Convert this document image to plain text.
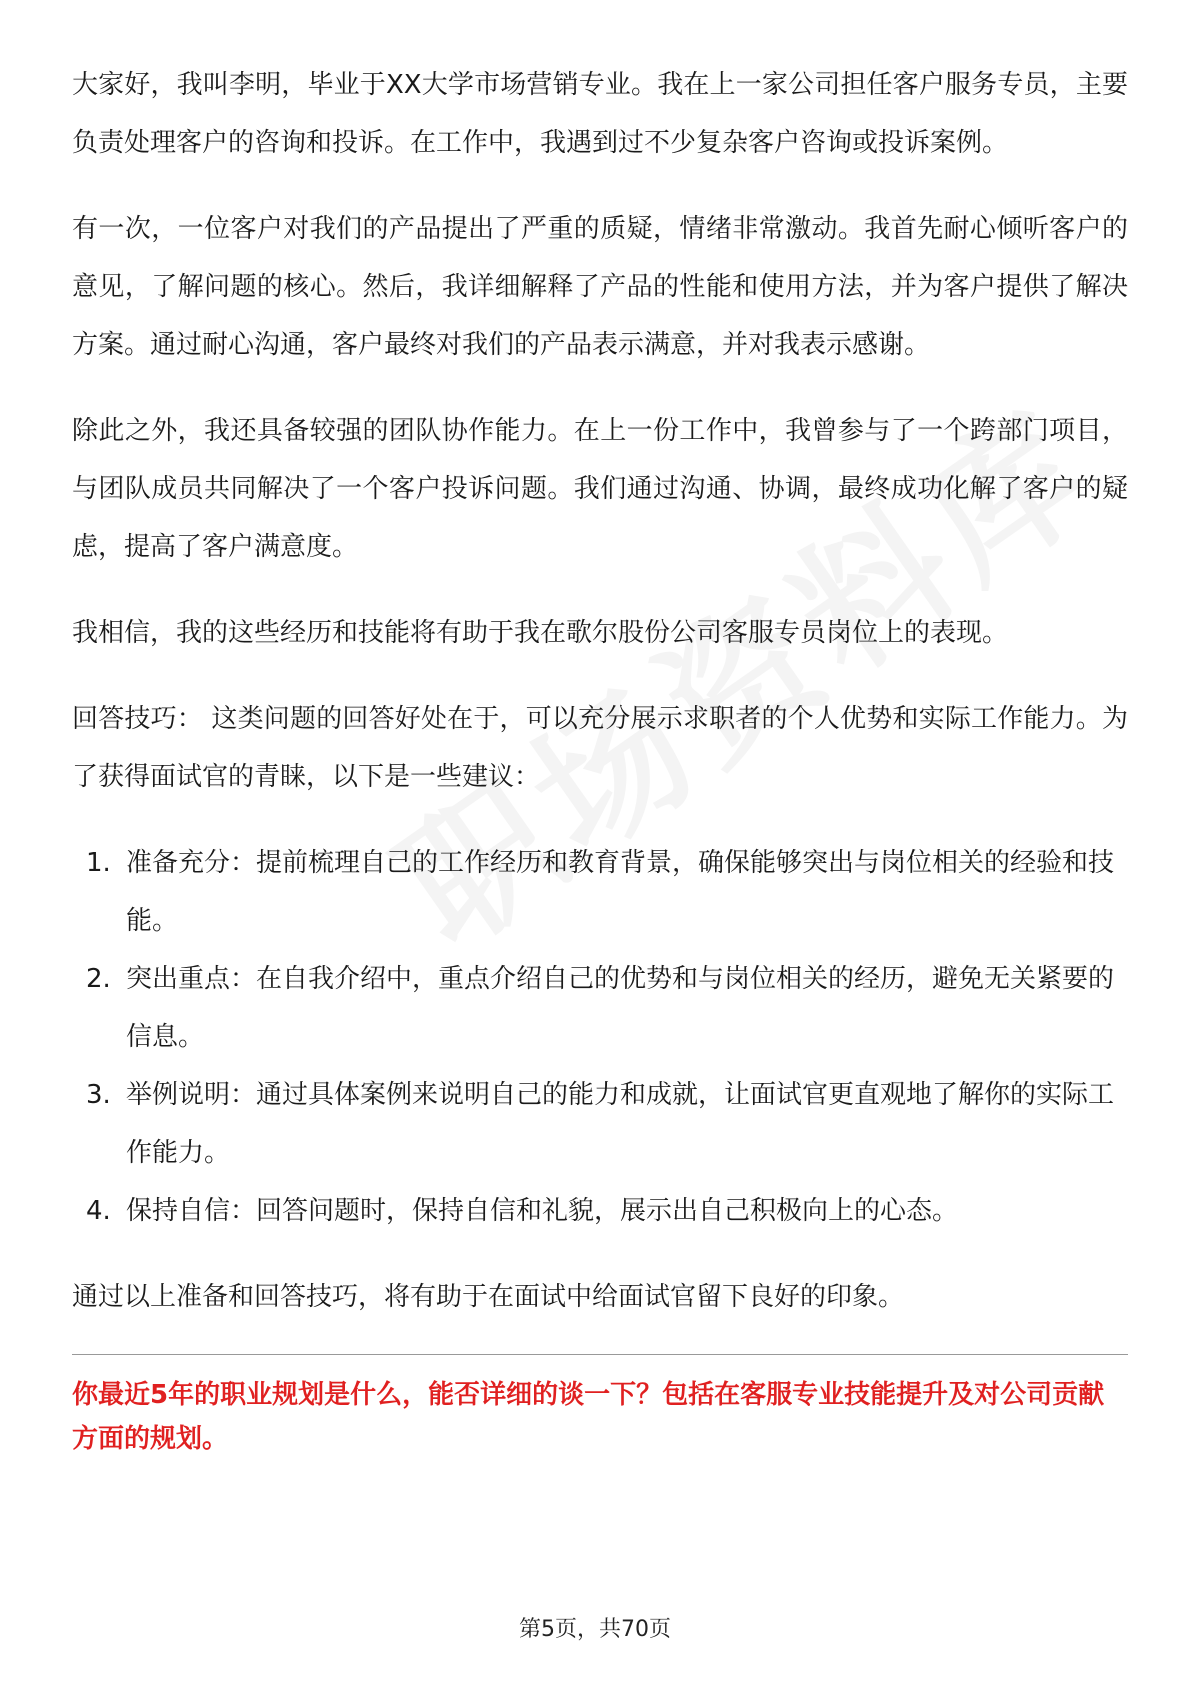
大家好，我叫李明，毕业于XX大学市场营销专业。我在上一家公司担任客户服务专员，主要负责处理客户的咨询和投诉。在工作中，我遇到过不少复杂客户咨询或投诉案例。

有一次，一位客户对我们的产品提出了严重的质疑，情绪非常激动。我首先耐心倾听客户的意见，了解问题的核心。然后，我详细解释了产品的性能和使用方法，并为客户提供了解决方案。通过耐心沟通，客户最终对我们的产品表示满意，并对我表示感谢。

除此之外，我还具备较强的团队协作能力。在上一份工作中，我曾参与了一个跨部门项目，与团队成员共同解决了一个客户投诉问题。我们通过沟通、协调，最终成功化解了客户的疑虑，提高了客户满意度。

我相信，我的这些经历和技能将有助于我在歌尔股份公司客服专员岗位上的表现。

回答技巧： 这类问题的回答好处在于，可以充分展示求职者的个人优势和实际工作能力。为了获得面试官的青睐，以下是一些建议：

1. 准备充分：提前梳理自己的工作经历和教育背景，确保能够突出与岗位相关的经验和技能。
2. 突出重点：在自我介绍中，重点介绍自己的优势和与岗位相关的经历，避免无关紧要的信息。
3. 举例说明：通过具体案例来说明自己的能力和成就，让面试官更直观地了解你的实际工作能力。
4. 保持自信：回答问题时，保持自信和礼貌，展示出自己积极向上的心态。

通过以上准备和回答技巧，将有助于在面试中给面试官留下良好的印象。

你最近5年的职业规划是什么，能否详细的谈一下？包括在客服专业技能提升及对公司贡献方面的规划。

第5页，共70页
